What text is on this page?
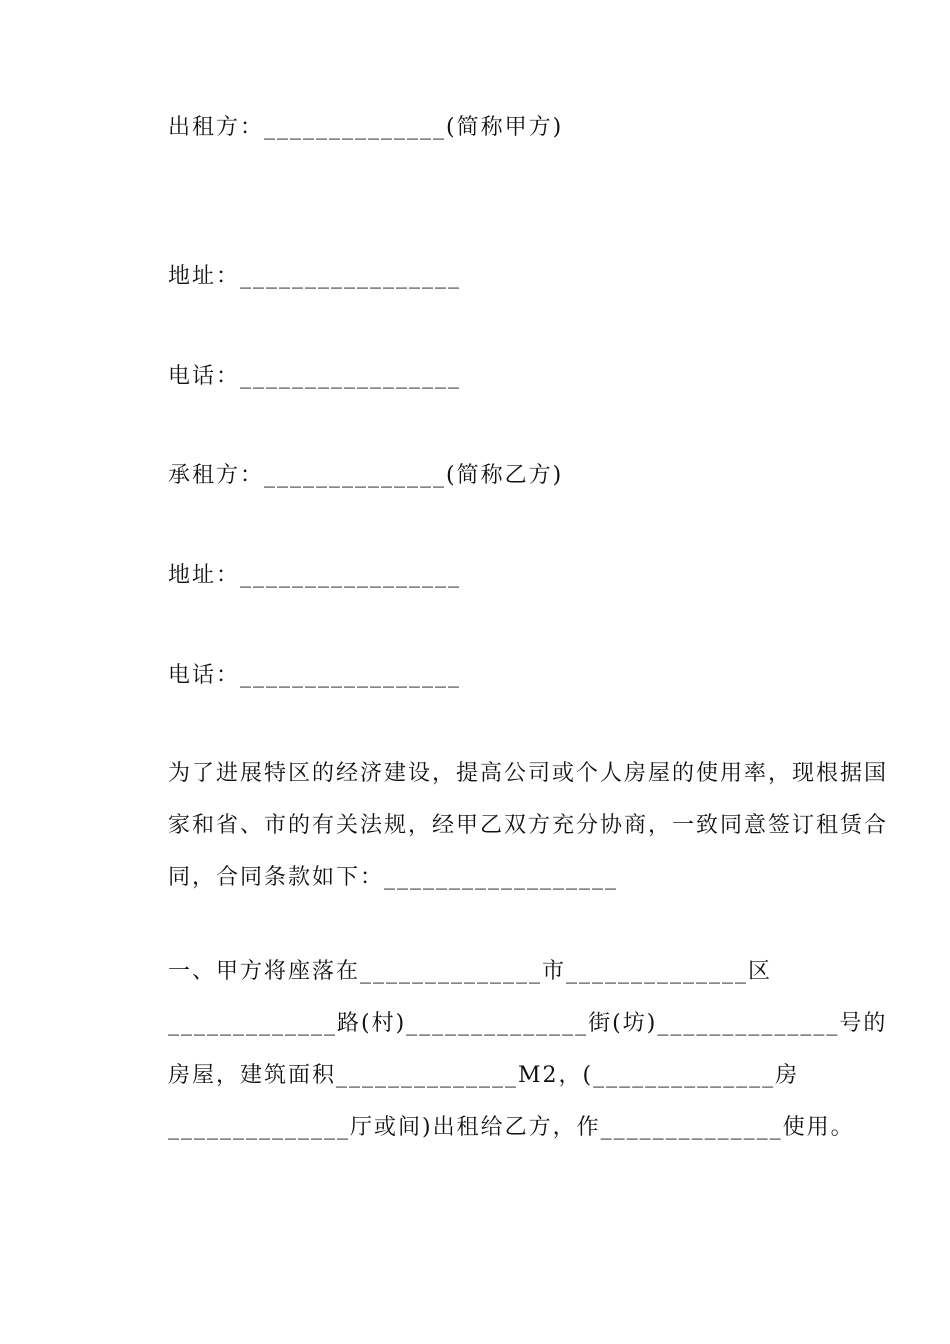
出租方：______________(简称甲方)
地址：_________________
电话：_________________
承租方：______________(简称乙方)
地址：_________________
电话：_________________
为了进展特区的经济建设，提高公司或个人房屋的使用率，现根据国家和省、市的有关法规，经甲乙双方充分协商，一致同意签订租赁合同，合同条款如下：__________________
一、甲方将座落在______________市______________区_____________路(村)______________街(坊)______________号的房屋，建筑面积______________M2，(______________房______________厅或间)出租给乙方，作______________使用。
